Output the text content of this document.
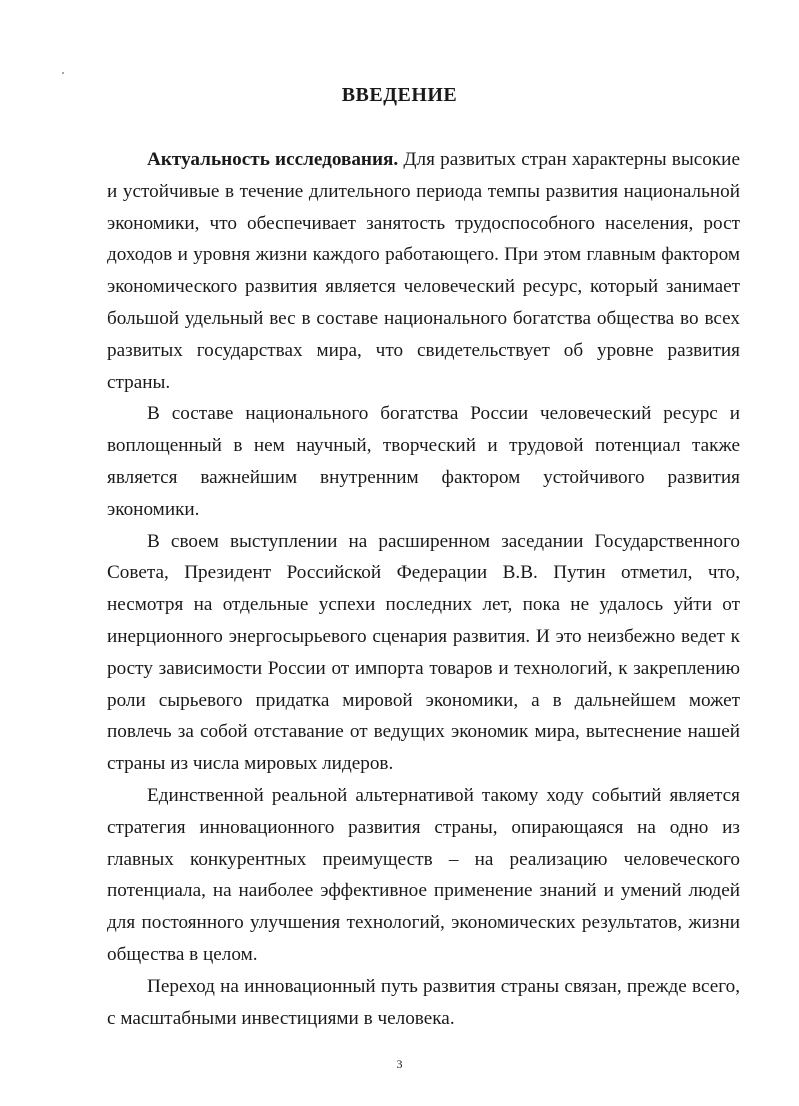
ВВЕДЕНИЕ

Актуальность исследования. Для развитых стран характерны высокие и устойчивые в течение длительного периода темпы развития национальной экономики, что обеспечивает занятость трудоспособного населения, рост доходов и уровня жизни каждого работающего. При этом главным фактором экономического развития является человеческий ресурс, который занимает большой удельный вес в составе национального богатства общества во всех развитых государствах мира, что свидетельствует об уровне развития страны.

В составе национального богатства России человеческий ресурс и воплощенный в нем научный, творческий и трудовой потенциал также является важнейшим внутренним фактором устойчивого развития экономики.

В своем выступлении на расширенном заседании Государственного Совета, Президент Российской Федерации В.В. Путин отметил, что, несмотря на отдельные успехи последних лет, пока не удалось уйти от инерционного энергосырьевого сценария развития. И это неизбежно ведет к росту зависимости России от импорта товаров и технологий, к закреплению роли сырьевого придатка мировой экономики, а в дальнейшем может повлечь за собой отставание от ведущих экономик мира, вытеснение нашей страны из числа мировых лидеров.

Единственной реальной альтернативой такому ходу событий является стратегия инновационного развития страны, опирающаяся на одно из главных конкурентных преимуществ – на реализацию человеческого потенциала, на наиболее эффективное применение знаний и умений людей для постоянного улучшения технологий, экономических результатов, жизни общества в целом.

Переход на инновационный путь развития страны связан, прежде всего, с масштабными инвестициями в человека.

3
